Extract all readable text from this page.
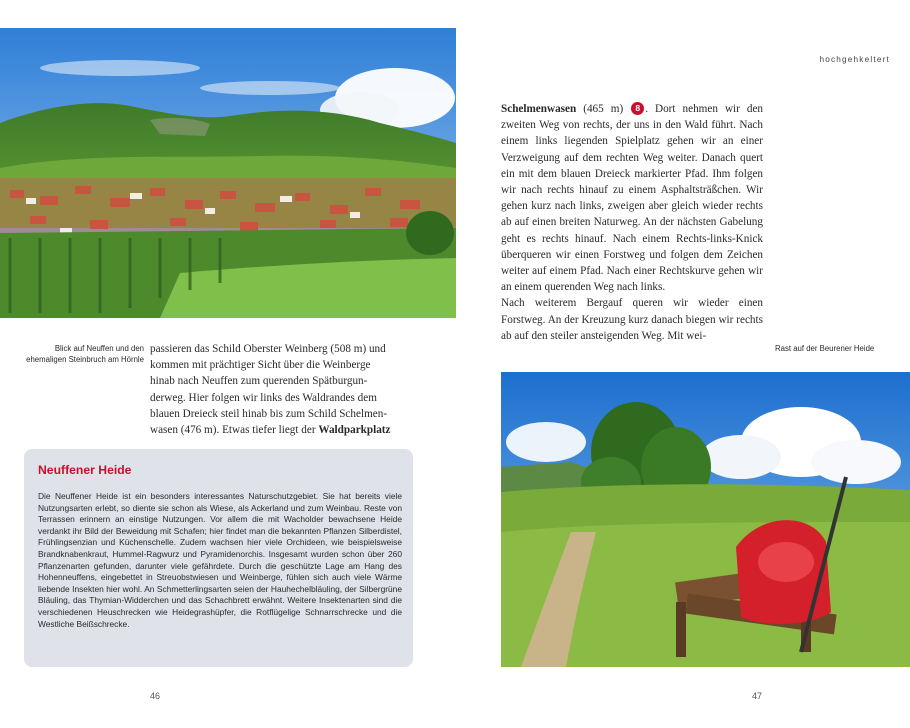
Blick auf Neuffen und den ehemaligen Steinbruch am Hörnle

passieren das Schild Oberster Weinberg (508 m) und

kommen mit prächtiger Sicht über die Weinberge

hinab nach Neuffen zum querenden Spätburgun-

derweg. Hier folgen wir links des Waldrandes dem

blauen Dreieck steil hinab bis zum Schild Schelmen-

wasen (476 m). Etwas tiefer liegt der Waldparkplatz

Neuffener Heide
Die Neuffener Heide ist ein besonders interessantes Naturschutzgebiet. Sie hat bereits viele Nutzungsarten erlebt, so diente sie schon als Wiese, als Ackerland und zum Weinbau. Reste von Terrassen erinnern an einstige Nutzungen. Vor allem die mit Wacholder bewachsene Heide verdankt ihr Bild der Beweidung mit Schafen; hier findet man die bekannten Pflanzen Silberdistel, Frühlingsenzian und Küchenschelle. Zudem wachsen hier viele Orchideen, wie beispielsweise Brandknabenkraut, Hummel-Ragwurz und Pyramidenorchis. Insgesamt wurden schon über 260 Pflanzenarten gefunden, darunter viele gefährdete. Durch die geschützte Lage am Hang des Hohenneuffens, eingebettet in Streuobstwiesen und Weinberge, fühlen sich auch viele Wärme liebende Insekten hier wohl. An Schmetterlingsarten seien der Hauhechelbläuling, der Silbergrüne Bläuling, das Thymian-Widderchen und das Schachbrett erwähnt. Weitere Insektenarten sind die verschiedenen Heuschrecken wie Heidegrashüpfer, die Rotflügelige Schnarrschrecke und die Westliche Beißschrecke.
46
hochgehkeltert

Schelmenwasen (465 m) 8 . Dort nehmen wir den zweiten Weg von rechts, der uns in den Wald führt. Nach einem links liegenden Spielplatz gehen wir an einer Verzweigung auf dem rechten Weg weiter. Danach quert ein mit dem blauen Dreieck markierter Pfad. Ihm folgen wir nach rechts hinauf zu einem Asphaltsträßchen. Wir gehen kurz nach links, zweigen aber gleich wieder rechts ab auf einen breiten Naturweg. An der nächsten Gabelung geht es rechts hinauf. Nach einem Rechts-links-Knick überqueren wir einen Forstweg und folgen dem Zeichen weiter auf einem Pfad. Nach einer Rechtskurve gehen wir an einem querenden Weg nach links.

Nach weiterem Bergauf queren wir wieder einen Forstweg. An der Kreuzung kurz danach biegen wir rechts ab auf den steiler ansteigenden Weg. Mit wei-

Rast auf der Beurener Heide
47
